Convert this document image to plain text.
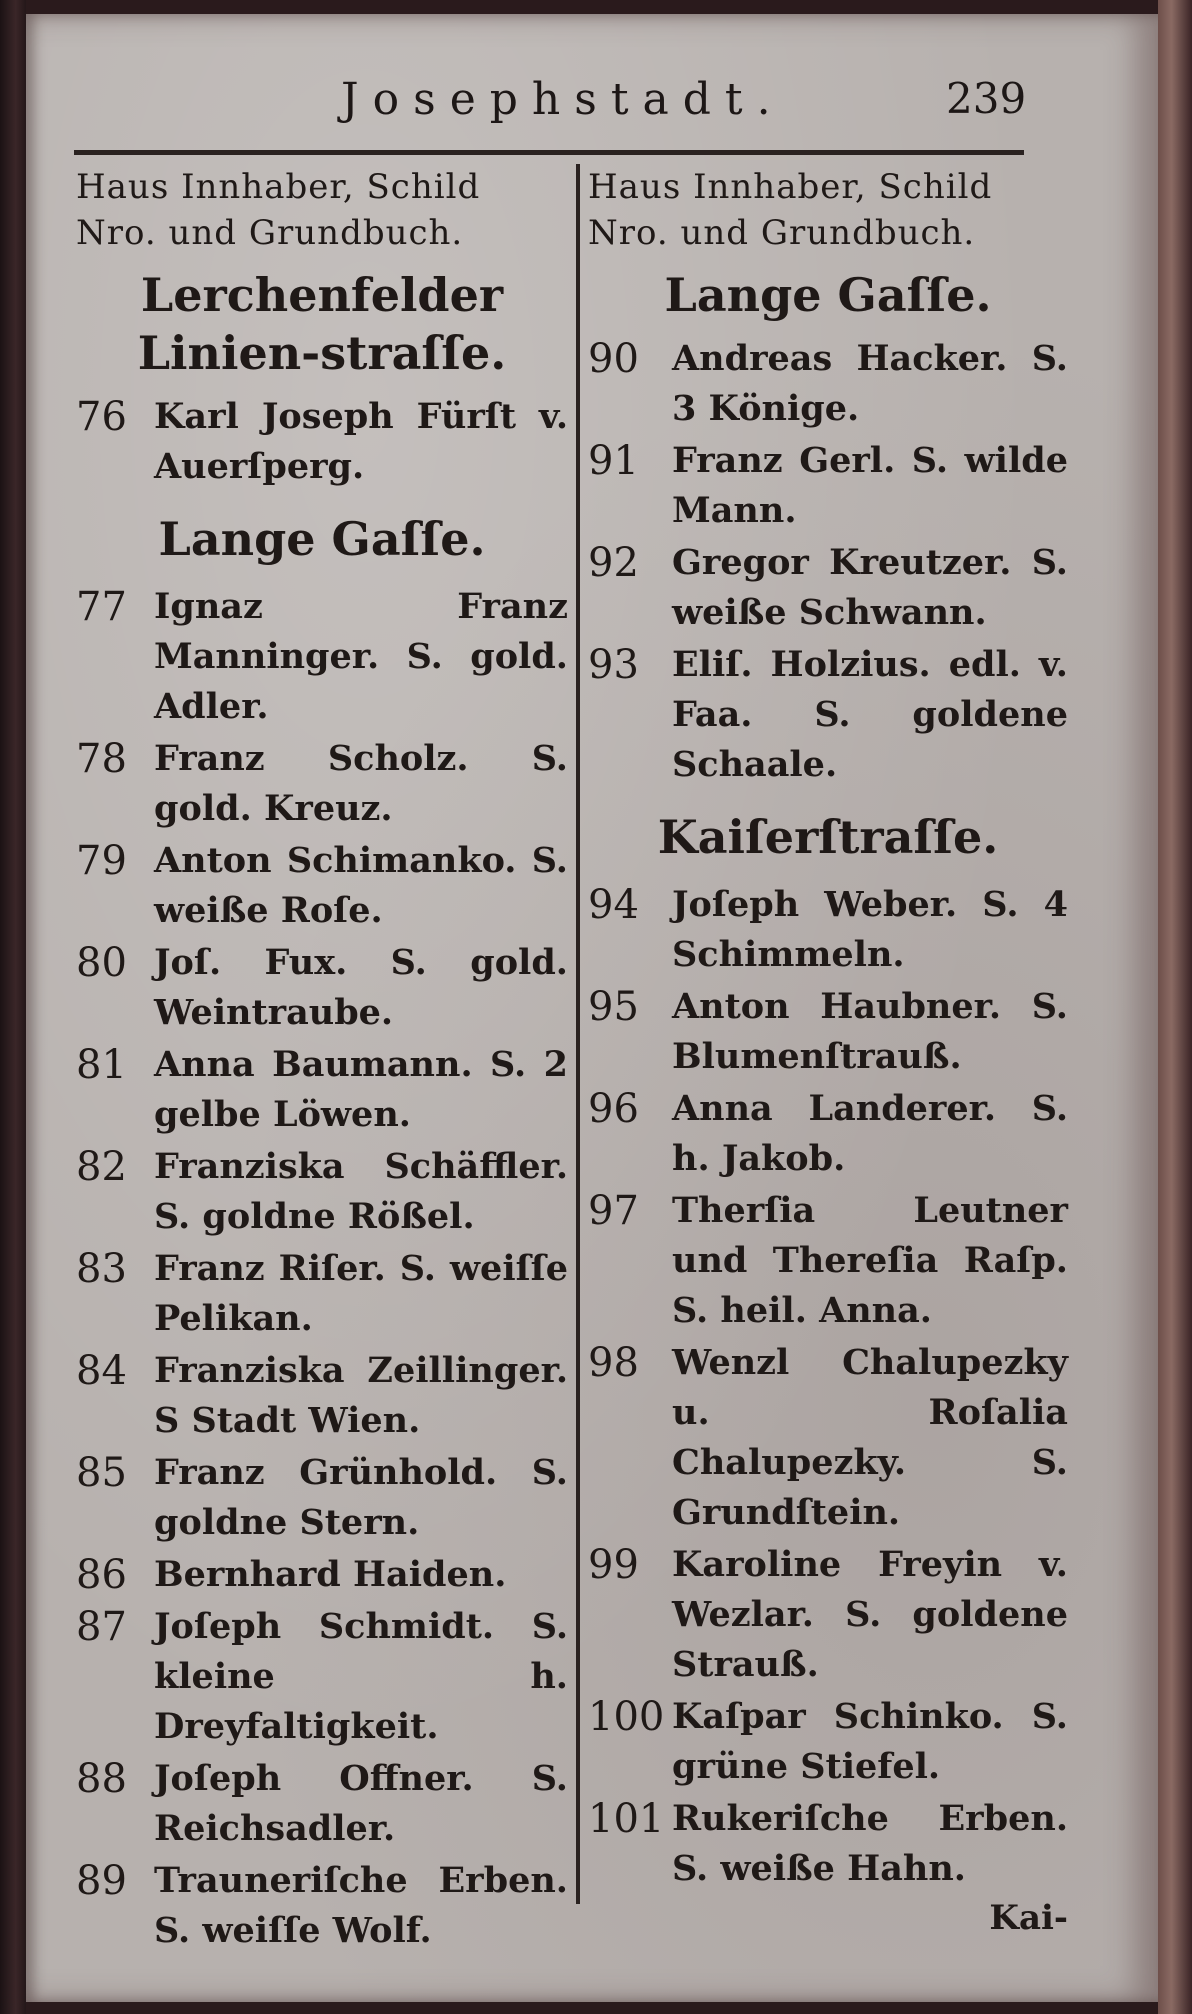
Josephstadt.	239
Haus Innhaber, Schild
Nro. und Grundbuch.
Lerchenfelder Linien-straſſe.
76 Karl Joseph Fürſt v. Auerſperg.
Lange Gaſſe.
77 Ignaz Franz Manninger. S. gold. Adler.
78 Franz Scholz. S. gold. Kreuz.
79 Anton Schimanko. S. weiße Roſe.
80 Joſ. Fux. S. gold. Weintraube.
81 Anna Baumann. S. 2 gelbe Löwen.
82 Franziska Schäffler. S. goldne Rößel.
83 Franz Riſer. S. weiſſe Pelikan.
84 Franziska Zeillinger. S Stadt Wien.
85 Franz Grünhold. S. goldne Stern.
86 Bernhard Haiden.
87 Joſeph Schmidt. S. kleine h. Dreyfaltigkeit.
88 Joſeph Offner. S. Reichsadler.
89 Trauneriſche Erben. S. weiſſe Wolf.
Haus Innhaber, Schild
Nro. und Grundbuch.
Lange Gaſſe.
90 Andreas Hacker. S. 3 Könige.
91 Franz Gerl. S. wilde Mann.
92 Gregor Kreutzer. S. weiße Schwann.
93 Eliſ. Holzius. edl. v. Faa. S. goldene Schaale.
Kaiſerſtraſſe.
94 Joſeph Weber. S. 4 Schimmeln.
95 Anton Haubner. S. Blumenſtrauß.
96 Anna Landerer. S. h. Jakob.
97 Therſia Leutner und Thereſia Raſp. S. heil. Anna.
98 Wenzl Chalupezky u. Roſalia Chalupezky. S. Grundſtein.
99 Karoline Freyin v. Wezlar. S. goldene Strauß.
100 Kaſpar Schinko. S. grüne Stiefel.
101 Rukeriſche Erben. S. weiße Hahn.
Kai-
